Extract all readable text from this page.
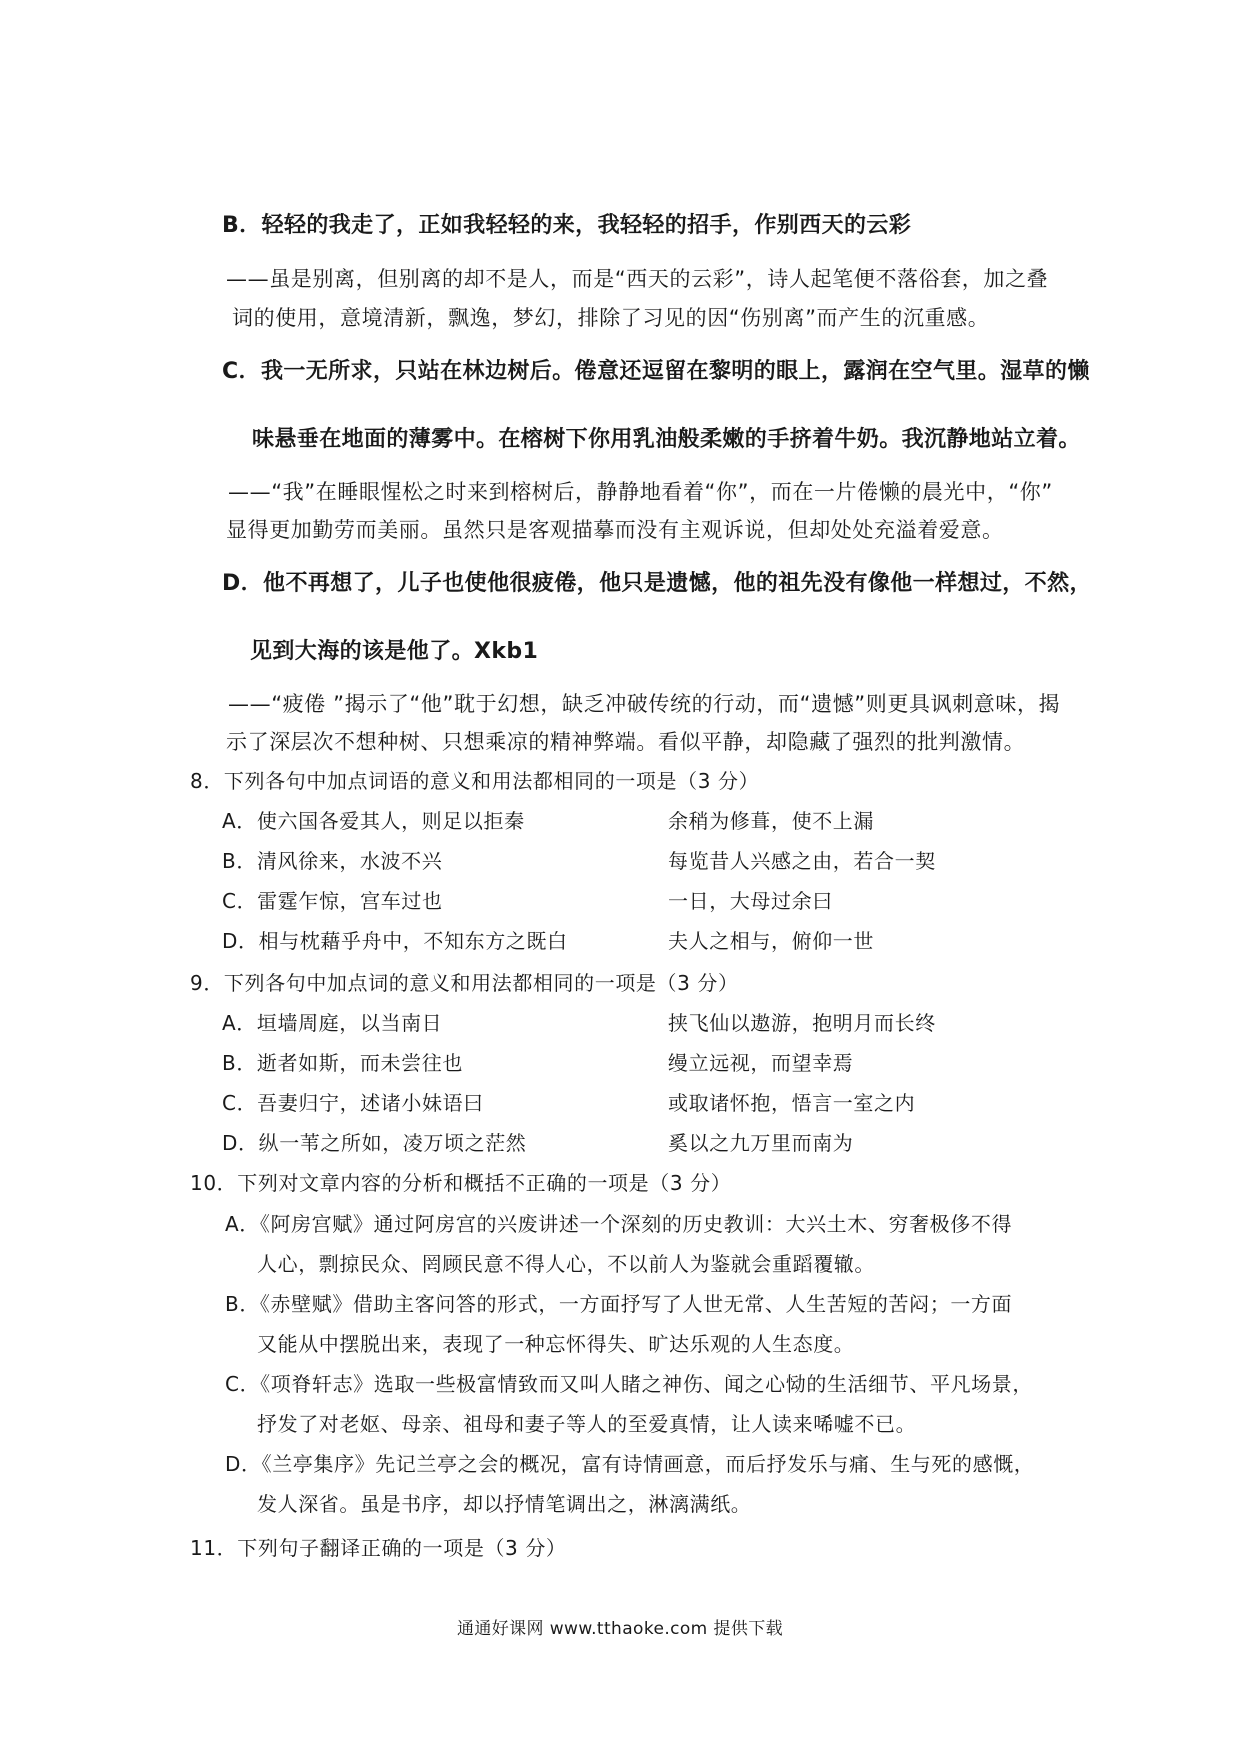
B．轻轻的我走了，正如我轻轻的来，我轻轻的招手，作别西天的云彩
——虽是别离，但别离的却不是人，而是“西天的云彩”，诗人起笔便不落俗套，加之叠
词的使用，意境清新，飘逸，梦幻，排除了习见的因“伤别离”而产生的沉重感。
C．我一无所求，只站在林边树后。倦意还逗留在黎明的眼上，露润在空气里。湿草的懒
味悬垂在地面的薄雾中。在榕树下你用乳油般柔嫩的手挤着牛奶。我沉静地站立着。
——“我”在睡眼惺松之时来到榕树后，静静地看着“你”，而在一片倦懒的晨光中，“你”
显得更加勤劳而美丽。虽然只是客观描摹而没有主观诉说，但却处处充溢着爱意。
D．他不再想了，儿子也使他很疲倦，他只是遗憾，他的祖先没有像他一样想过，不然，
见到大海的该是他了。Xkb1
——“疲倦 ”揭示了“他”耽于幻想，缺乏冲破传统的行动，而“遗憾”则更具讽刺意味，揭
示了深层次不想种树、只想乘凉的精神弊端。看似平静，却隐藏了强烈的批判激情。
8．下列各句中加点词语的意义和用法都相同的一项是（3 分）
A．使六国各爱其人，则足以拒秦	余稍为修葺，使不上漏
B．清风徐来，水波不兴	每览昔人兴感之由，若合一契
C．雷霆乍惊，宫车过也	一日，大母过余曰
D．相与枕藉乎舟中，不知东方之既白	夫人之相与，俯仰一世
9．下列各句中加点词的意义和用法都相同的一项是（3 分）
A．垣墙周庭，以当南日	挟飞仙以遨游，抱明月而长终
B．逝者如斯，而未尝往也	缦立远视，而望幸焉
C．吾妻归宁，述诸小妹语曰	或取诸怀抱，悟言一室之内
D．纵一苇之所如，凌万顷之茫然	奚以之九万里而南为
10．下列对文章内容的分析和概括不正确的一项是（3 分）
A．《阿房宫赋》通过阿房宫的兴废讲述一个深刻的历史教训：大兴土木、穷奢极侈不得
人心，剽掠民众、罔顾民意不得人心，不以前人为鉴就会重蹈覆辙。
B．《赤壁赋》借助主客问答的形式，一方面抒写了人世无常、人生苦短的苦闷；一方面
又能从中摆脱出来，表现了一种忘怀得失、旷达乐观的人生态度。
C．《项脊轩志》选取一些极富情致而又叫人睹之神伤、闻之心恸的生活细节、平凡场景，
抒发了对老妪、母亲、祖母和妻子等人的至爱真情，让人读来唏嘘不已。
D．《兰亭集序》先记兰亭之会的概况，富有诗情画意，而后抒发乐与痛、生与死的感慨，
发人深省。虽是书序，却以抒情笔调出之，淋漓满纸。
11．下列句子翻译正确的一项是（3 分）
通通好课网 www.tthaoke.com 提供下载
